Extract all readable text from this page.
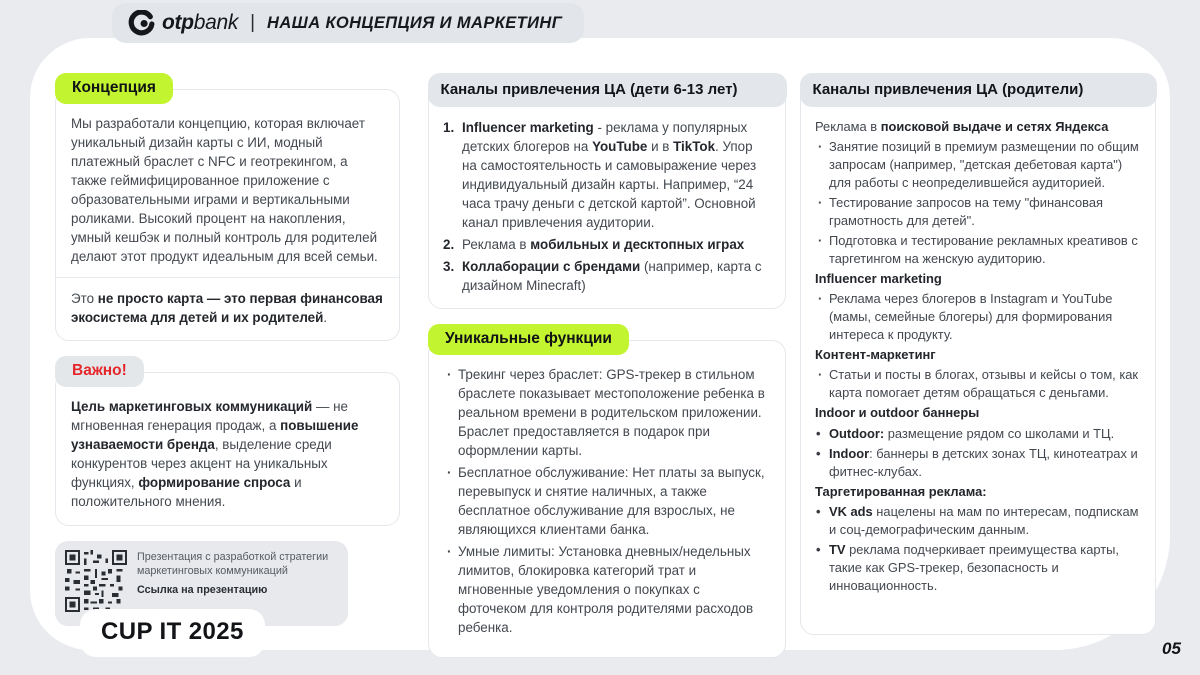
otpbank | НАША КОНЦЕПЦИЯ И МАРКЕТИНГ
Концепция

Мы разработали концепцию, которая включает уникальный дизайн карты с ИИ, модный платежный браслет с NFC и геотрекингом, а также геймифицированное приложение с образовательными играми и вертикальными роликами. Высокий процент на накопления, умный кешбэк и полный контроль для родителей делают этот продукт идеальным для всей семьи.

Это не просто карта — это первая финансовая экосистема для детей и их родителей.

Важно!

Цель маркетинговых коммуникаций — не мгновенная генерация продаж, а повышение узнаваемости бренда, выделение среди конкурентов через акцент на уникальных функциях, формирование спроса и положительного мнения.

Презентация с разработкой стратегии маркетинговых коммуникаций

Ссылка на презентацию

Каналы привлечения ЦА (дети 6-13 лет)
1. Influencer marketing - реклама у популярных детских блогеров на YouTube и в TikTok. Упор на самостоятельность и самовыражение через индивидуальный дизайн карты. Например, “24 часа трачу деньги с детской картой”. Основной канал привлечения аудитории.
2. Реклама в мобильных и десктопных играх
3. Коллаборации с брендами (например, карта с дизайном Minecraft)
Уникальные функции
· Трекинг через браслет: GPS-трекер в стильном браслете показывает местоположение ребенка в реальном времени в родительском приложении. Браслет предоставляется в подарок при оформлении карты.
· Бесплатное обслуживание: Нет платы за выпуск, перевыпуск и снятие наличных, а также бесплатное обслуживание для взрослых, не являющихся клиентами банка.
· Умные лимиты: Установка дневных/недельных лимитов, блокировка категорий трат и мгновенные уведомления о покупках с фоточеком для контроля родителями расходов ребенка.
Каналы привлечения ЦА (родители)

Реклама в поисковой выдаче и сетях Яндекса

· Занятие позиций в премиум размещении по общим запросам (например, "детская дебетовая карта") для работы с неопределившейся аудиторией.
· Тестирование запросов на тему "финансовая грамотность для детей".
· Подготовка и тестирование рекламных креативов с таргетингом на женскую аудиторию.

Influencer marketing

· Реклама через блогеров в Instagram и YouTube (мамы, семейные блогеры) для формирования интереса к продукту.

Контент-маркетинг

· Статьи и посты в блогах, отзывы и кейсы о том, как карта помогает детям обращаться с деньгами.

Indoor и outdoor баннеры

• Outdoor: размещение рядом со школами и ТЦ.
• Indoor: баннеры в детских зонах ТЦ, кинотеатрах и фитнес-клубах.

Таргетированная реклама:

• VK ads нацелены на мам по интересам, подпискам и соц-демографическим данным.
• TV реклама подчеркивает преимущества карты, такие как GPS-трекер, безопасность и инновационность.
CUP IT 2025
05
